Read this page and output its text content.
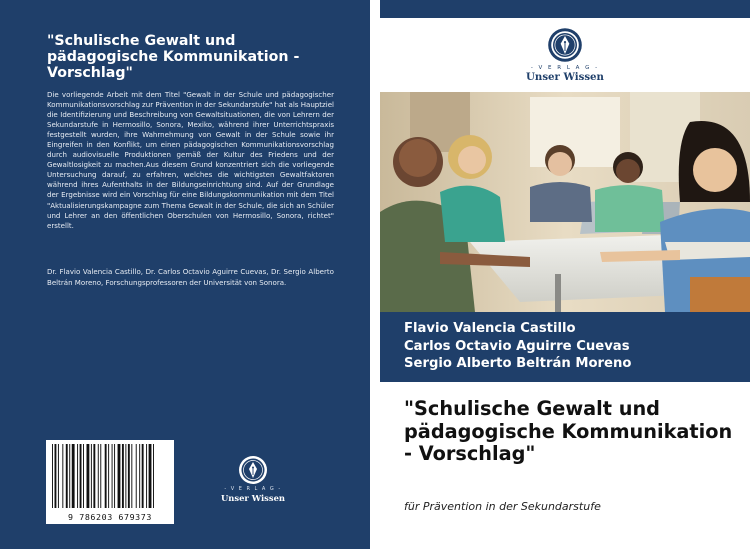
"Schulische Gewalt und pädagogische Kommunikation - Vorschlag"
Die vorliegende Arbeit mit dem Titel "Gewalt in der Schule und pädagogischer Kommunikationsvorschlag zur Prävention in der Sekundarstufe" hat als Hauptziel die Identifizierung und Beschreibung von Gewaltsituationen, die von Lehrern der Sekundarstufe in Hermosillo, Sonora, Mexiko, während ihrer Unterrichtspraxis festgestellt wurden, ihre Wahrnehmung von Gewalt in der Schule sowie ihr Eingreifen in den Konflikt, um einen pädagogischen Kommunikationsvorschlag durch audiovisuelle Produktionen gemäß der Kultur des Friedens und der Gewaltlosigkeit zu machen.Aus diesem Grund konzentriert sich die vorliegende Untersuchung darauf, zu erfahren, welches die wichtigsten Gewaltfaktoren während ihres Aufenthalts in der Bildungseinrichtung sind. Auf der Grundlage der Ergebnisse wird ein Vorschlag für eine Bildungskommunikation mit dem Titel "Aktualisierungskampagne zum Thema Gewalt in der Schule, die sich an Schüler und Lehrer an den öffentlichen Oberschulen von Hermosillo, Sonora, richtet" erstellt.
Dr. Flavio Valencia Castillo, Dr. Carlos Octavio Aguirre Cuevas, Dr. Sergio Alberto Beltrán Moreno, Forschungsprofessoren der Universität von Sonora.
9 786203 679373
- V E R L A G -
Unser Wissen
- V E R L A G -
Unser Wissen
Flavio Valencia Castillo
Carlos Octavio Aguirre Cuevas
Sergio Alberto Beltrán Moreno
"Schulische Gewalt und pädagogische Kommunikation - Vorschlag"
für Prävention in der Sekundarstufe
